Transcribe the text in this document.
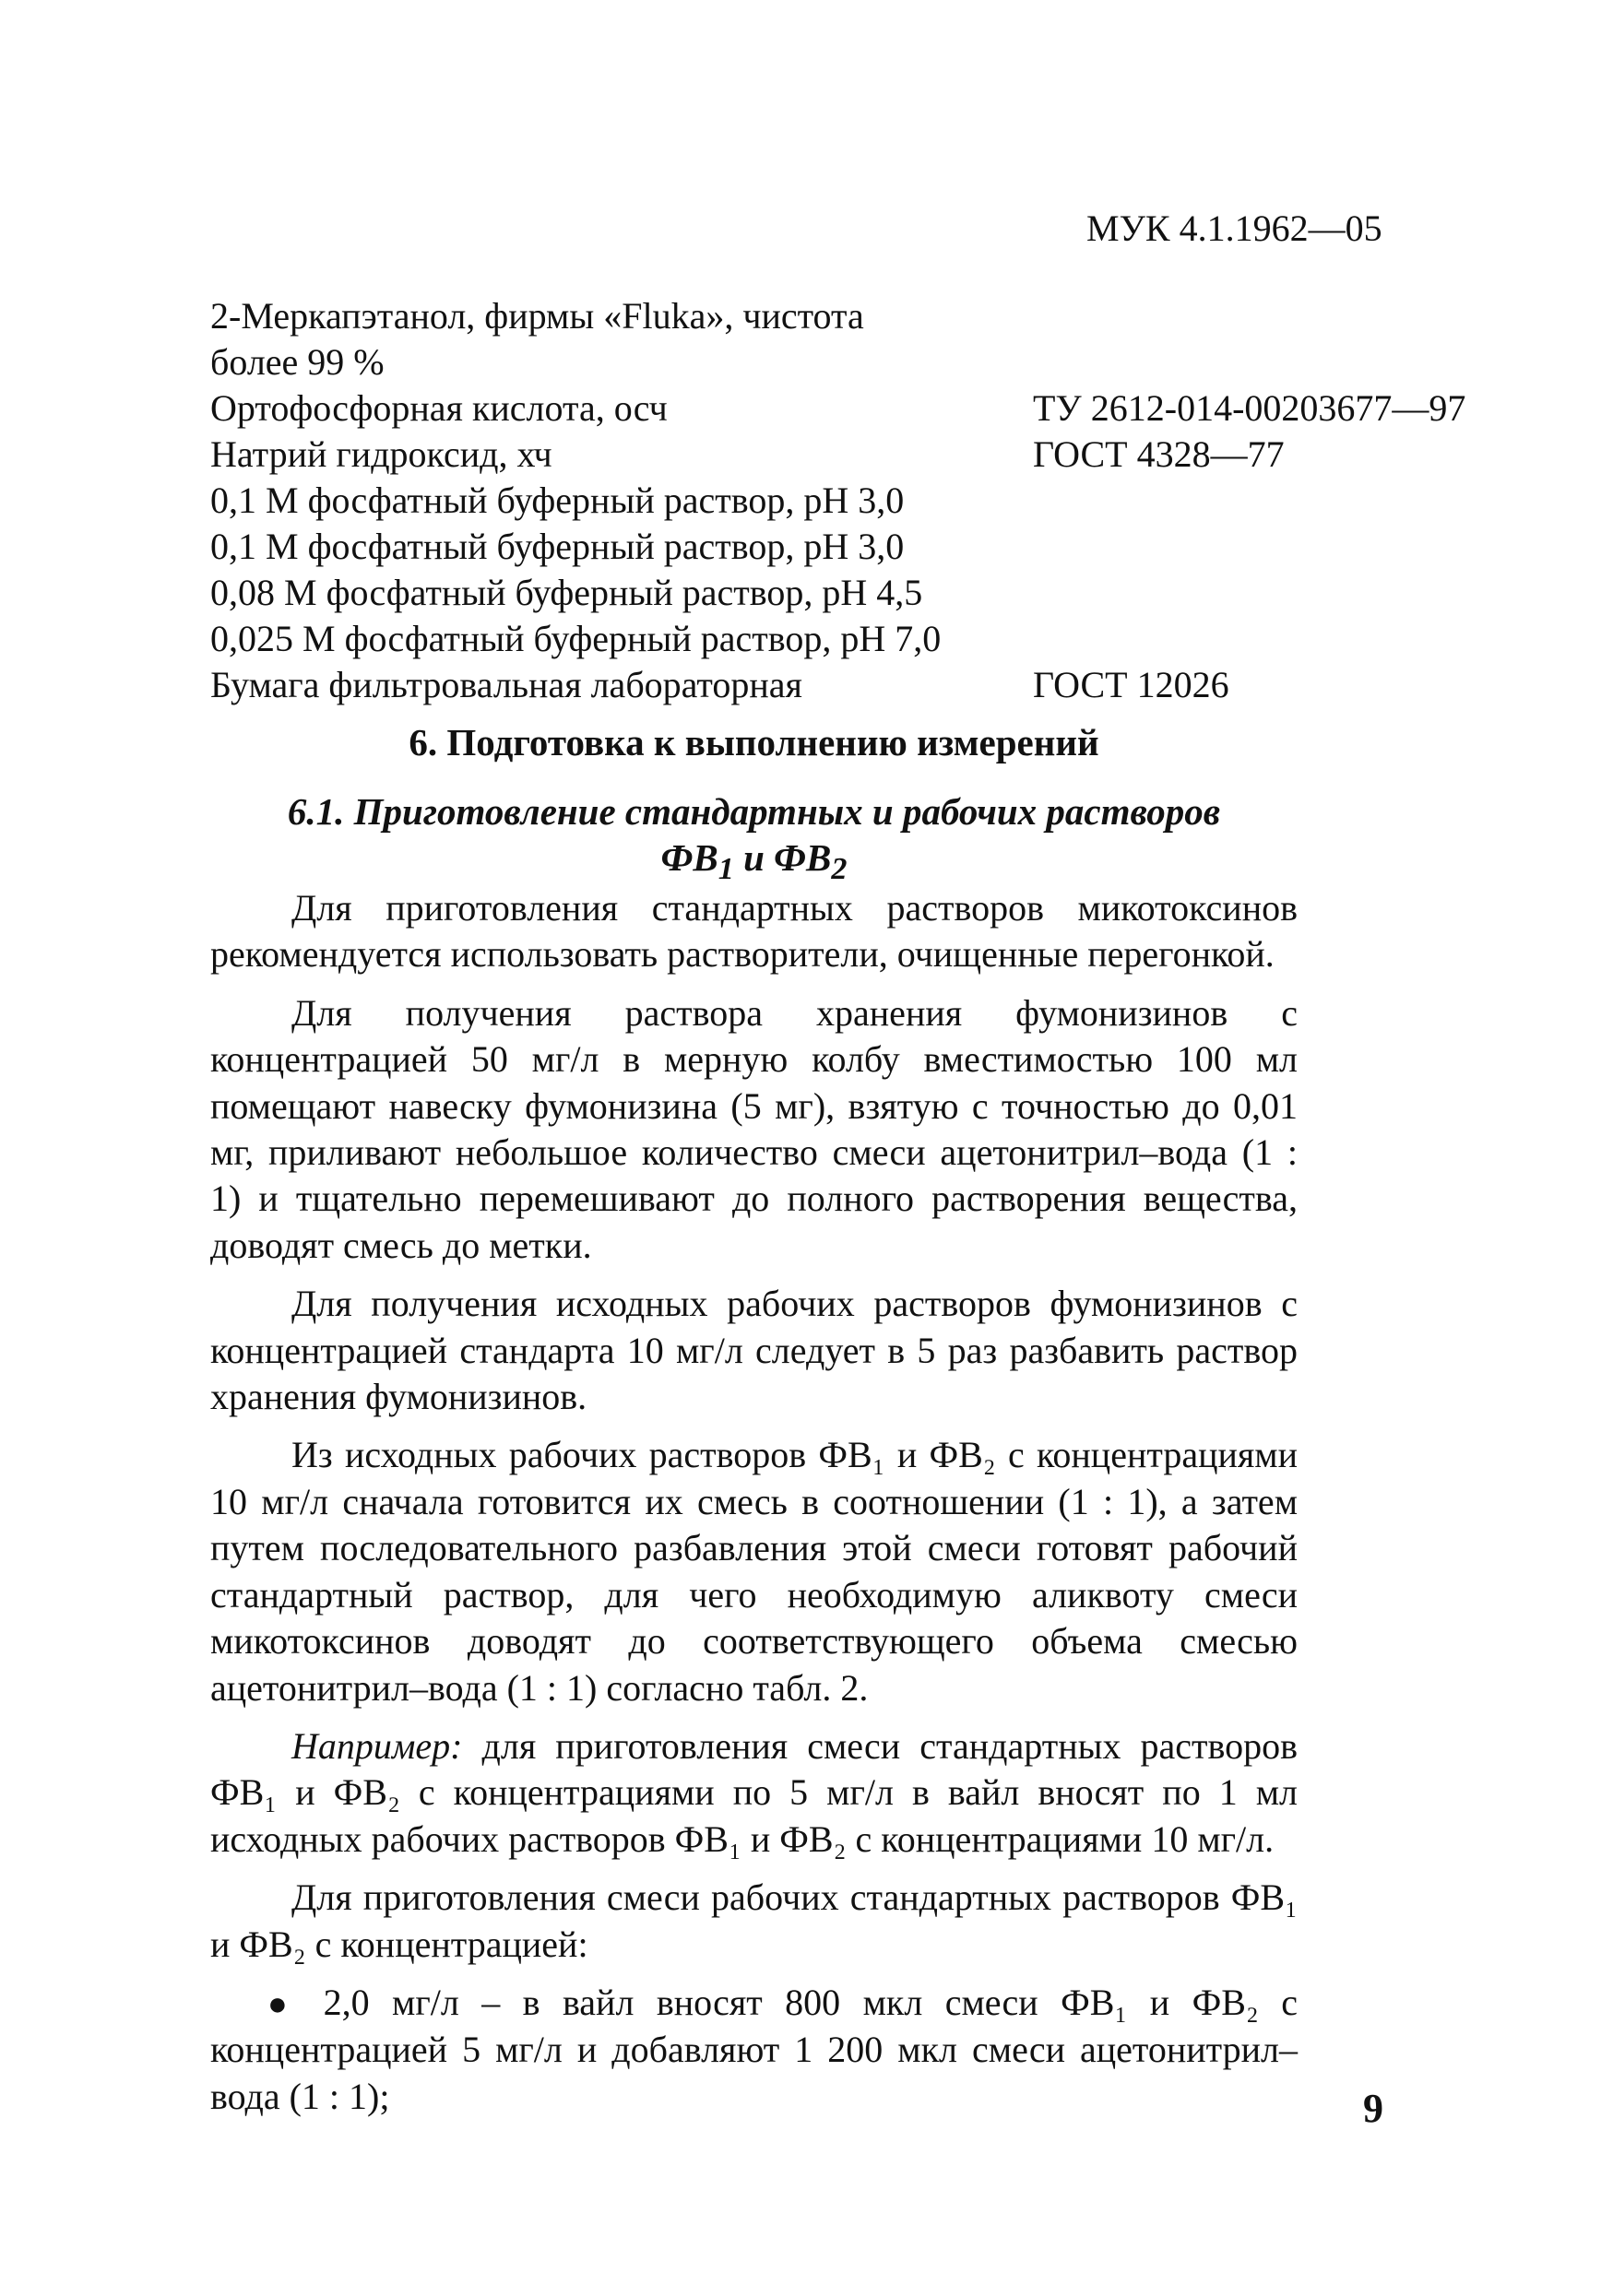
МУК 4.1.1962—05
2-Меркапэтанол, фирмы «Fluka», чистота
более 99 %
Ортофосфорная кислота, осч	ТУ 2612-014-00203677—97
Натрий гидроксид, хч	ГОСТ 4328—77
0,1 М фосфатный буферный раствор, pH 3,0
0,1 М фосфатный буферный раствор, pH 3,0
0,08 М фосфатный буферный раствор, pH 4,5
0,025 М фосфатный буферный раствор, pH 7,0
Бумага фильтровальная лабораторная	ГОСТ 12026
6. Подготовка к выполнению измерений
6.1. Приготовление стандартных и рабочих растворов
$ФВ_1$ и $ФВ_2$

Для приготовления стандартных растворов микотоксинов рекомендуется использовать растворители, очищенные перегонкой.

Для получения раствора хранения фумонизинов с концентрацией 50 мг/л в мерную колбу вместимостью 100 мл помещают навеску фумонизина (5 мг), взятую с точностью до 0,01 мг, приливают небольшое количество смеси ацетонитрил–вода (1 : 1) и тщательно перемешивают до полного растворения вещества, доводят смесь до метки.

Для получения исходных рабочих растворов фумонизинов с концентрацией стандарта 10 мг/л следует в 5 раз разбавить раствор хранения фумонизинов.

Из исходных рабочих растворов ФВ₁ и ФВ₂ с концентрациями 10 мг/л сначала готовится их смесь в соотношении (1 : 1), а затем путем последовательного разбавления этой смеси готовят рабочий стандартный раствор, для чего необходимую аликвоту смеси микотоксинов доводят до соответствующего объема смесью ацетонитрил–вода (1 : 1) согласно табл. 2.

Например: для приготовления смеси стандартных растворов ФВ₁ и ФВ₂ с концентрациями по 5 мг/л в вайл вносят по 1 мл исходных рабочих растворов ФВ₁ и ФВ₂ с концентрациями 10 мг/л.

Для приготовления смеси рабочих стандартных растворов ФВ₁ и ФВ₂ с концентрацией:

● 2,0 мг/л – в вайл вносят 800 мкл смеси ФВ₁ и ФВ₂ с концентрацией 5 мг/л и добавляют 1 200 мкл смеси ацетонитрил–вода (1 : 1);	9
